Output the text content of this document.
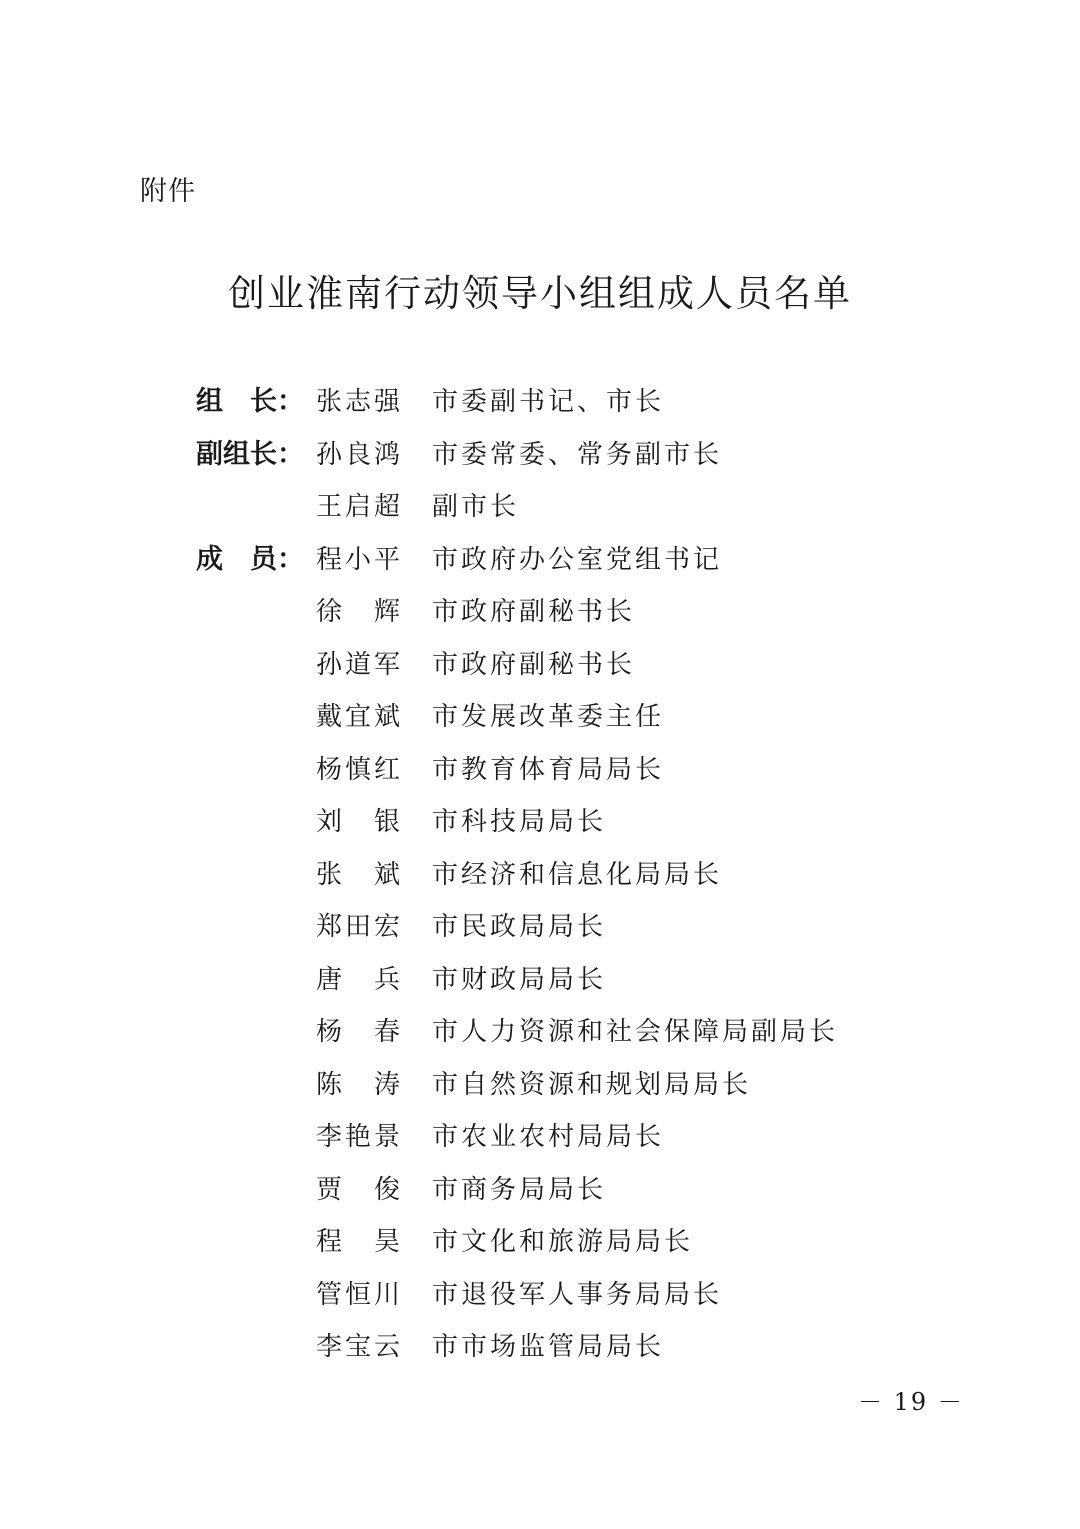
附件
创业淮南行动领导小组组成人员名单
组　长： 张志强 市委副书记、市长
副组长： 孙良鸿 市委常委、常务副市长
王启超 副市长
成　员： 程小平 市政府办公室党组书记
徐　辉 市政府副秘书长
孙道军 市政府副秘书长
戴宜斌 市发展改革委主任
杨慎红 市教育体育局局长
刘　银 市科技局局长
张　斌 市经济和信息化局局长
郑田宏 市民政局局长
唐　兵 市财政局局长
杨　春 市人力资源和社会保障局副局长
陈　涛 市自然资源和规划局局长
李艳景 市农业农村局局长
贾　俊 市商务局局长
程　昊 市文化和旅游局局长
管恒川 市退役军人事务局局长
李宝云 市市场监管局局长
－ 19 －
